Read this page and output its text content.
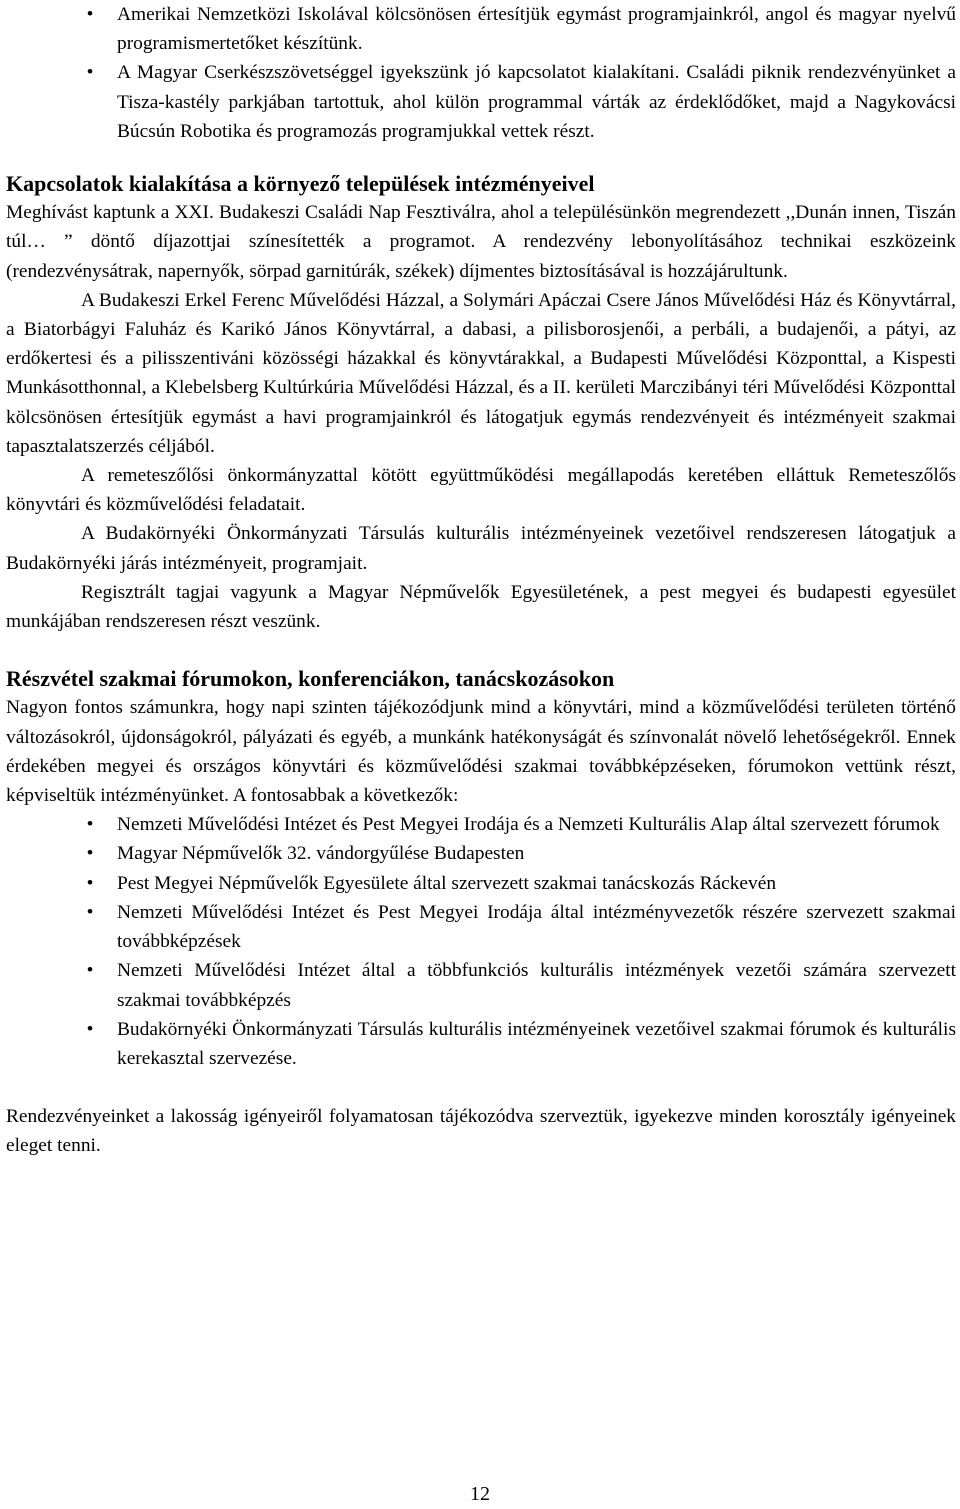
•	Amerikai Nemzetközi Iskolával kölcsönösen értesítjük egymást programjainkról, angol és magyar nyelvű programismertetőket készítünk.
•	A Magyar Cserkészszövetséggel igyekszünk jó kapcsolatot kialakítani. Családi piknik rendezvényünket a Tisza-kastély parkjában tartottuk, ahol külön programmal várták az érdeklődőket, majd a Nagykovácsi Búcsún Robotika és programozás programjukkal vettek részt.
Kapcsolatok kialakítása a környező települések intézményeivel

Meghívást kaptunk a XXI. Budakeszi Családi Nap Fesztiválra, ahol a településünkön megrendezett ,,Dunán innen, Tiszán túl… ” döntő díjazottjai színesítették a programot. A rendezvény lebonyolításához technikai eszközeink (rendezvénysátrak, napernyők, sörpad garnitúrák, székek) díjmentes biztosításával is hozzájárultunk.

A Budakeszi Erkel Ferenc Művelődési Házzal, a Solymári Apáczai Csere János Művelődési Ház és Könyvtárral, a Biatorbágyi Faluház és Karikó János Könyvtárral, a dabasi, a pilisborosjenői, a perbáli, a budajenői, a pátyi, az erdőkertesi és a pilisszentiváni közösségi házakkal és könyvtárakkal, a Budapesti Művelődési Központtal, a Kispesti Munkásotthonnal, a Klebelsberg Kultúrkúria Művelődési Házzal, és a II. kerületi Marczibányi téri Művelődési Központtal kölcsönösen értesítjük egymást a havi programjainkról és látogatjuk egymás rendezvényeit és intézményeit szakmai tapasztalatszerzés céljából.

A remeteszőlősi önkormányzattal kötött együttműködési megállapodás keretében elláttuk Remeteszőlős könyvtári és közművelődési feladatait.

A Budakörnyéki Önkormányzati Társulás kulturális intézményeinek vezetőivel rendszeresen látogatjuk a Budakörnyéki járás intézményeit, programjait.

Regisztrált tagjai vagyunk a Magyar Népművelők Egyesületének, a pest megyei és budapesti egyesület munkájában rendszeresen részt veszünk.

Részvétel szakmai fórumokon, konferenciákon, tanácskozásokon

Nagyon fontos számunkra, hogy napi szinten tájékozódjunk mind a könyvtári, mind a közművelődési területen történő változásokról, újdonságokról, pályázati és egyéb, a munkánk hatékonyságát és színvonalát növelő lehetőségekről. Ennek érdekében megyei és országos könyvtári és közművelődési szakmai továbbképzéseken, fórumokon vettünk részt, képviseltük intézményünket. A fontosabbak a következők:

•	Nemzeti Művelődési Intézet és Pest Megyei Irodája és a Nemzeti Kulturális Alap által szervezett fórumok
•	Magyar Népművelők 32. vándorgyűlése Budapesten
•	Pest Megyei Népművelők Egyesülete által szervezett szakmai tanácskozás Ráckevén
•	Nemzeti Művelődési Intézet és Pest Megyei Irodája által intézményvezetők részére szervezett szakmai továbbképzések
•	Nemzeti Művelődési Intézet által a többfunkciós kulturális intézmények vezetői számára szervezett szakmai továbbképzés
•	Budakörnyéki Önkormányzati Társulás kulturális intézményeinek vezetőivel szakmai fórumok és kulturális kerekasztal szervezése.

Rendezvényeinket a lakosság igényeiről folyamatosan tájékozódva szerveztük, igyekezve minden korosztály igényeinek eleget tenni.

12
